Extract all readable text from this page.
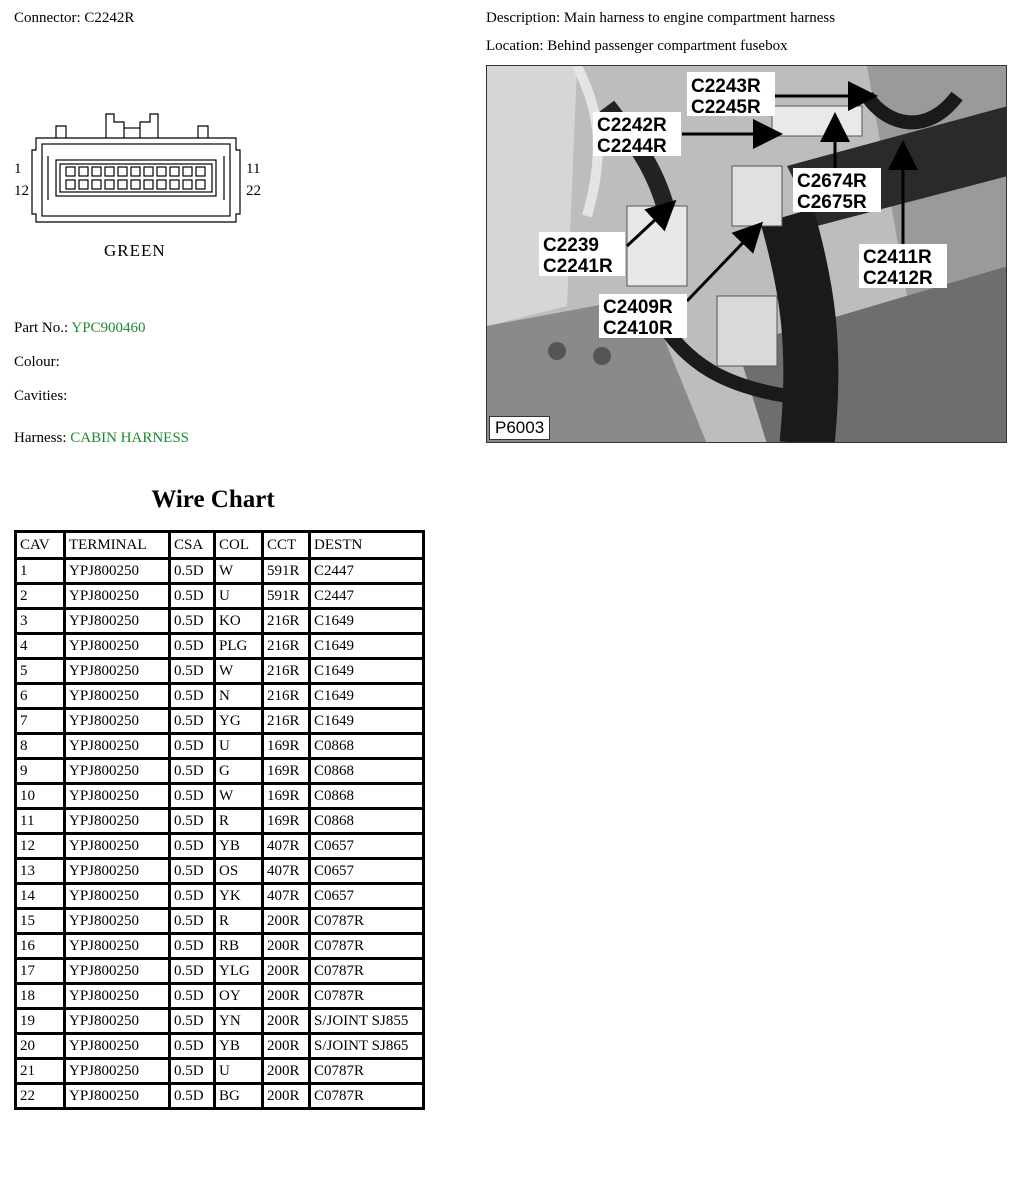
Connector: C2242R	Description: Main harness to engine compartment harness
Location: Behind passenger compartment fusebox
1
12
11
22
GREEN
Part No.: YPC900460
Colour:
Cavities:
Harness: CABIN HARNESS
C2243R
C2245R
C2242R
C2244R
C2674R
C2675R
C2239
C2241R	C2411R
C2412R
C2409R
C2410R
P6003
Wire Chart
CAV	TERMINAL	CSA	COL	CCT	DESTN
1	YPJ800250	0.5D	W	591R	C2447
2	YPJ800250	0.5D	U	591R	C2447
3	YPJ800250	0.5D	KO	216R	C1649
4	YPJ800250	0.5D	PLG	216R	C1649
5	YPJ800250	0.5D	W	216R	C1649
6	YPJ800250	0.5D	N	216R	C1649
7	YPJ800250	0.5D	YG	216R	C1649
8	YPJ800250	0.5D	U	169R	C0868
9	YPJ800250	0.5D	G	169R	C0868
10	YPJ800250	0.5D	W	169R	C0868
11	YPJ800250	0.5D	R	169R	C0868
12	YPJ800250	0.5D	YB	407R	C0657
13	YPJ800250	0.5D	OS	407R	C0657
14	YPJ800250	0.5D	YK	407R	C0657
15	YPJ800250	0.5D	R	200R	C0787R
16	YPJ800250	0.5D	RB	200R	C0787R
17	YPJ800250	0.5D	YLG	200R	C0787R
18	YPJ800250	0.5D	OY	200R	C0787R
19	YPJ800250	0.5D	YN	200R	S/JOINT SJ855
20	YPJ800250	0.5D	YB	200R	S/JOINT SJ865
21	YPJ800250	0.5D	U	200R	C0787R
22	YPJ800250	0.5D	BG	200R	C0787R
